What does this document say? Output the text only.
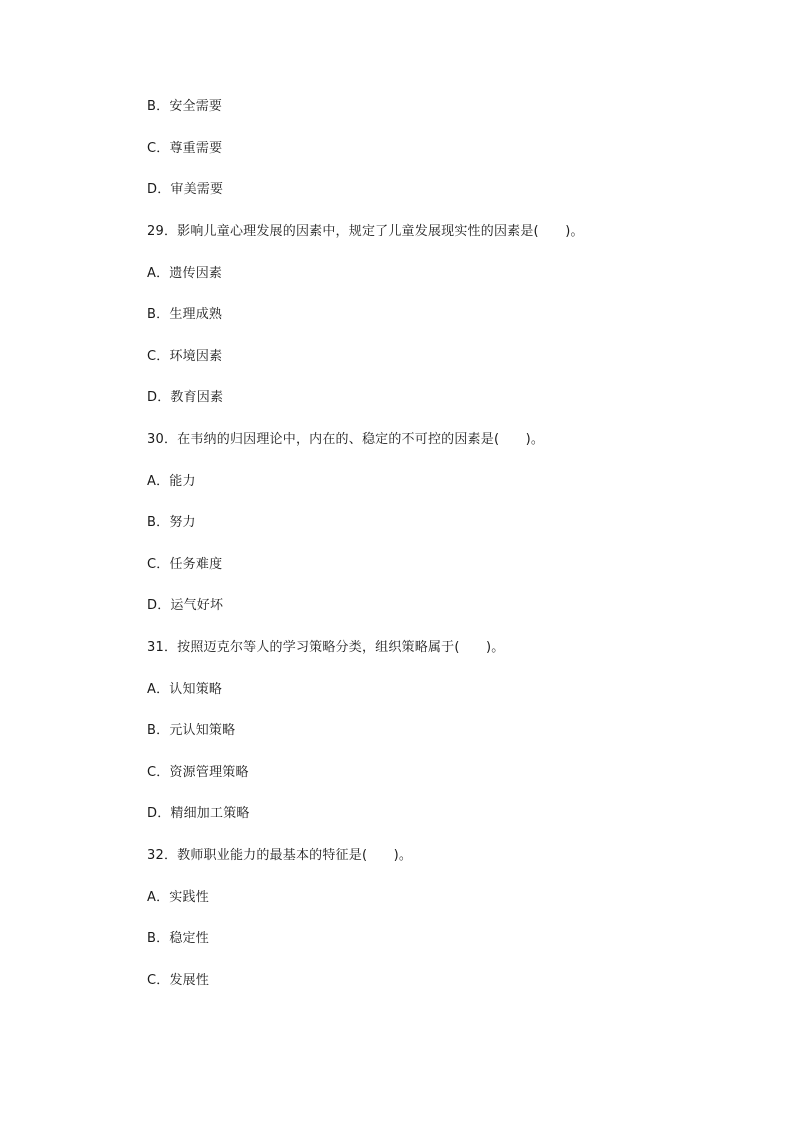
B．安全需要
C．尊重需要
D．审美需要
29．影响儿童心理发展的因素中，规定了儿童发展现实性的因素是(　　)。
A．遗传因素
B．生理成熟
C．环境因素
D．教育因素
30．在韦纳的归因理论中，内在的、稳定的不可控的因素是(　　)。
A．能力
B．努力
C．任务难度
D．运气好坏
31．按照迈克尔等人的学习策略分类，组织策略属于(　　)。
A．认知策略
B．元认知策略
C．资源管理策略
D．精细加工策略
32．教师职业能力的最基本的特征是(　　)。
A．实践性
B．稳定性
C．发展性
